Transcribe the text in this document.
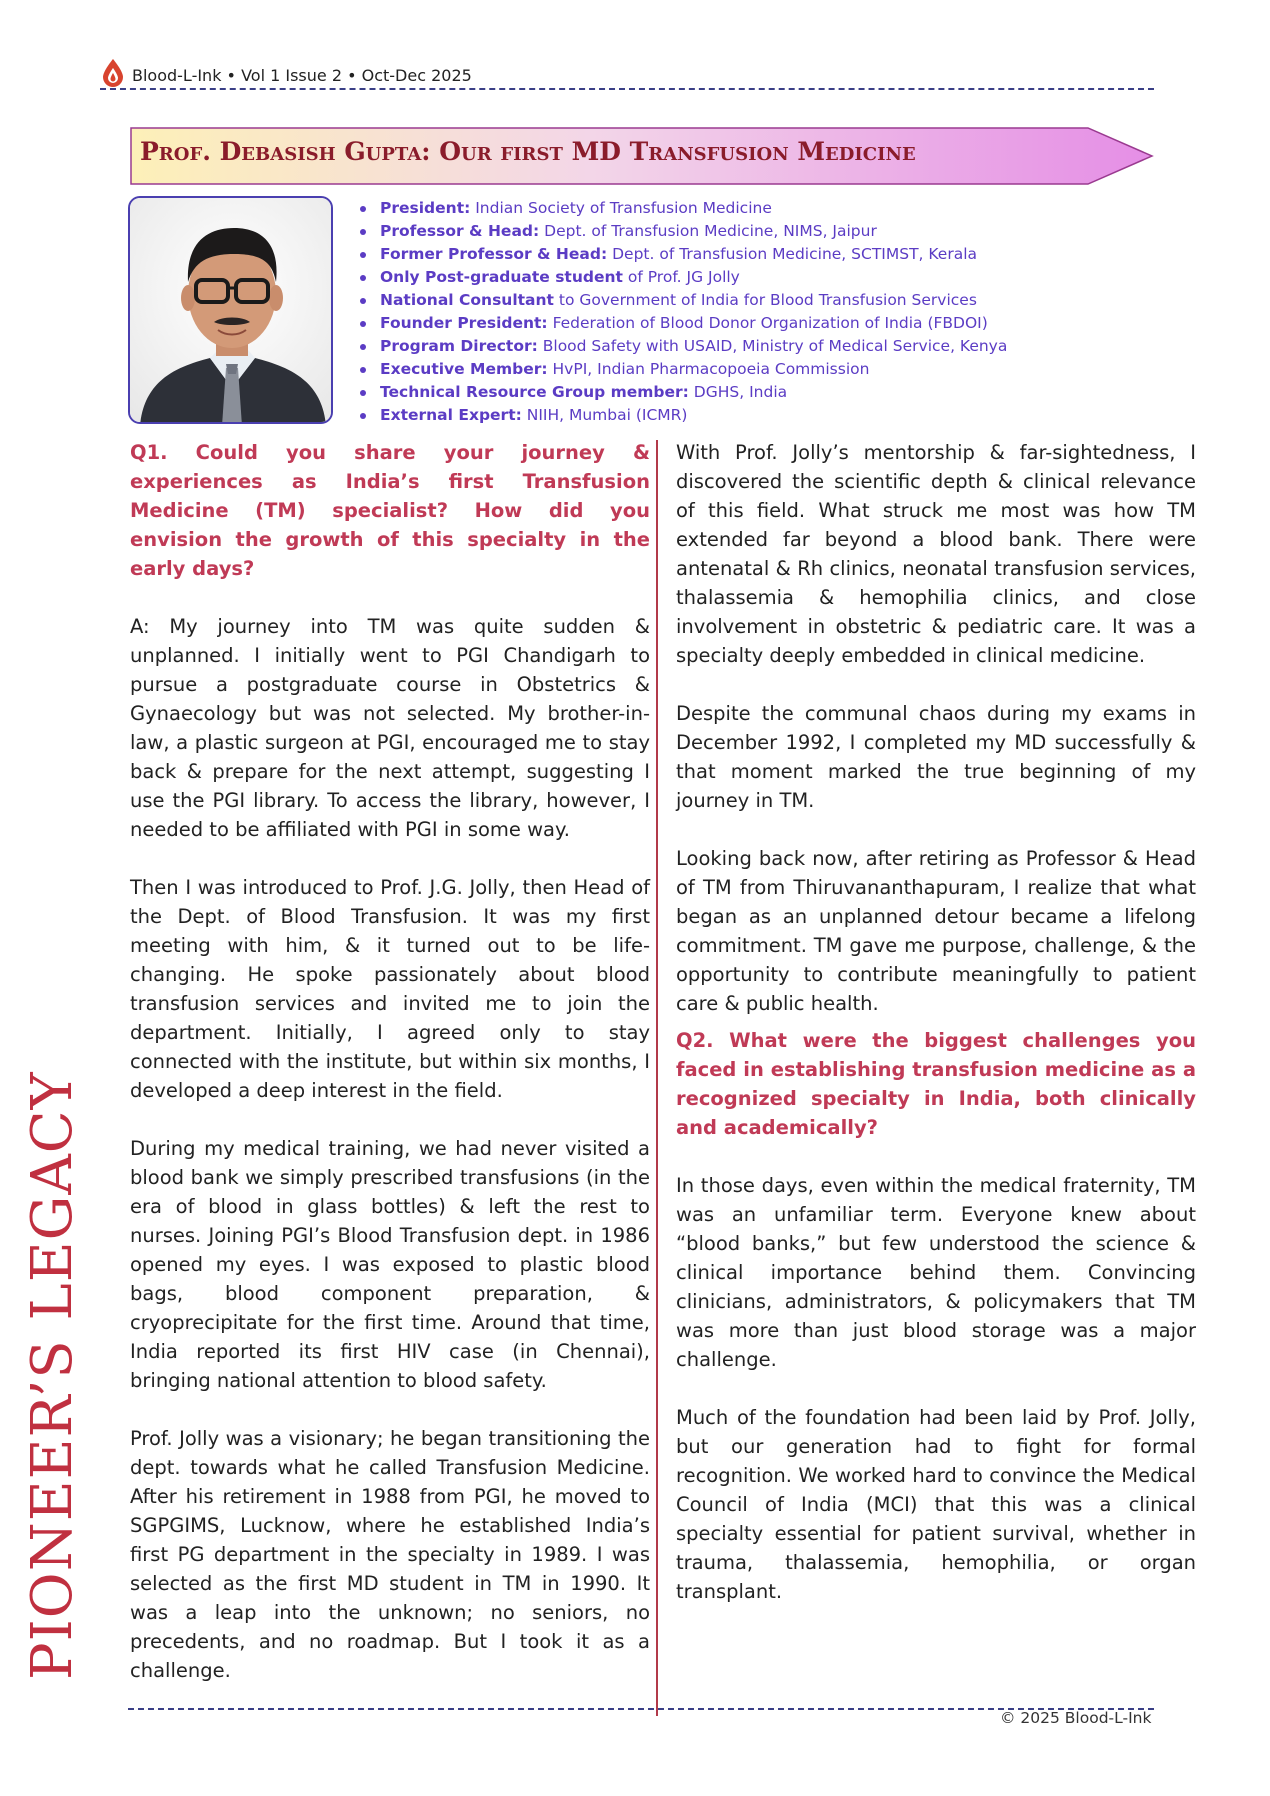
Blood-L-Ink • Vol 1 Issue 2 • Oct-Dec 2025
Prof. Debasish Gupta: Our first MD Transfusion Medicine
President: Indian Society of Transfusion Medicine
Professor & Head: Dept. of Transfusion Medicine, NIMS, Jaipur
Former Professor & Head: Dept. of Transfusion Medicine, SCTIMST, Kerala
Only Post-graduate student of Prof. JG Jolly
National Consultant to Government of India for Blood Transfusion Services
Founder President: Federation of Blood Donor Organization of India (FBDOI)
Program Director: Blood Safety with USAID, Ministry of Medical Service, Kenya
Executive Member: HvPI, Indian Pharmacopoeia Commission
Technical Resource Group member: DGHS, India
External Expert: NIIH, Mumbai (ICMR)
PIONEER’S LEGACY

Q1. Could you share your journey & experiences as India’s first Transfusion Medicine (TM) specialist? How did you envision the growth of this specialty in the early days?

A: My journey into TM was quite sudden & unplanned. I initially went to PGI Chandigarh to pursue a postgraduate course in Obstetrics & Gynaecology but was not selected. My brother-in-law, a plastic surgeon at PGI, encouraged me to stay back & prepare for the next attempt, suggesting I use the PGI library. To access the library, however, I needed to be affiliated with PGI in some way.

Then I was introduced to Prof. J.G. Jolly, then Head of the Dept. of Blood Transfusion. It was my first meeting with him, & it turned out to be life-changing. He spoke passionately about blood transfusion services and invited me to join the department. Initially, I agreed only to stay connected with the institute, but within six months, I developed a deep interest in the field.

During my medical training, we had never visited a blood bank we simply prescribed transfusions (in the era of blood in glass bottles) & left the rest to nurses. Joining PGI’s Blood Transfusion dept. in 1986 opened my eyes. I was exposed to plastic blood bags, blood component preparation, & cryoprecipitate for the first time. Around that time, India reported its first HIV case (in Chennai), bringing national attention to blood safety.

Prof. Jolly was a visionary; he began transitioning the dept. towards what he called Transfusion Medicine. After his retirement in 1988 from PGI, he moved to SGPGIMS, Lucknow, where he established India’s first PG department in the specialty in 1989. I was selected as the first MD student in TM in 1990. It was a leap into the unknown; no seniors, no precedents, and no roadmap. But I took it as a challenge.

With Prof. Jolly’s mentorship & far-sightedness, I discovered the scientific depth & clinical relevance of this field. What struck me most was how TM extended far beyond a blood bank. There were antenatal & Rh clinics, neonatal transfusion services, thalassemia & hemophilia clinics, and close involvement in obstetric & pediatric care. It was a specialty deeply embedded in clinical medicine.

Despite the communal chaos during my exams in December 1992, I completed my MD successfully & that moment marked the true beginning of my journey in TM.

Looking back now, after retiring as Professor & Head of TM from Thiruvananthapuram, I realize that what began as an unplanned detour became a lifelong commitment. TM gave me purpose, challenge, & the opportunity to contribute meaningfully to patient care & public health.

Q2. What were the biggest challenges you faced in establishing transfusion medicine as a recognized specialty in India, both clinically and academically?

In those days, even within the medical fraternity, TM was an unfamiliar term. Everyone knew about “blood banks,” but few understood the science & clinical importance behind them. Convincing clinicians, administrators, & policymakers that TM was more than just blood storage was a major challenge.

Much of the foundation had been laid by Prof. Jolly, but our generation had to fight for formal recognition. We worked hard to convince the Medical Council of India (MCI) that this was a clinical specialty essential for patient survival, whether in trauma, thalassemia, hemophilia, or organ transplant.

© 2025 Blood-L-Ink
